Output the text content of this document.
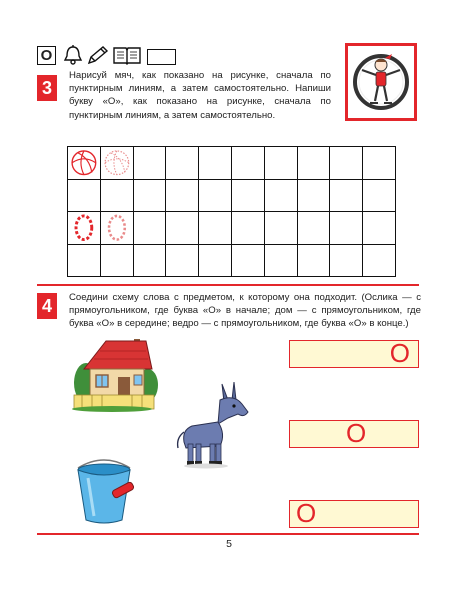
О
3
Нарисуй мяч, как показано на рисунке, сначала по пунктирным линиям, а затем самостоятельно. Напиши букву «О», как показано на рисунке, сначала по пунктирным линиям, а затем самостоятельно.
4	Соедини схему слова с предметом, к которому она подходит. (Ослика — с прямоугольником, где буква «О» в начале; дом — с прямоугольником, где буква «О» в середине; ведро — с прямоугольником, где буква «О» в конце.)
О
О
О
5
